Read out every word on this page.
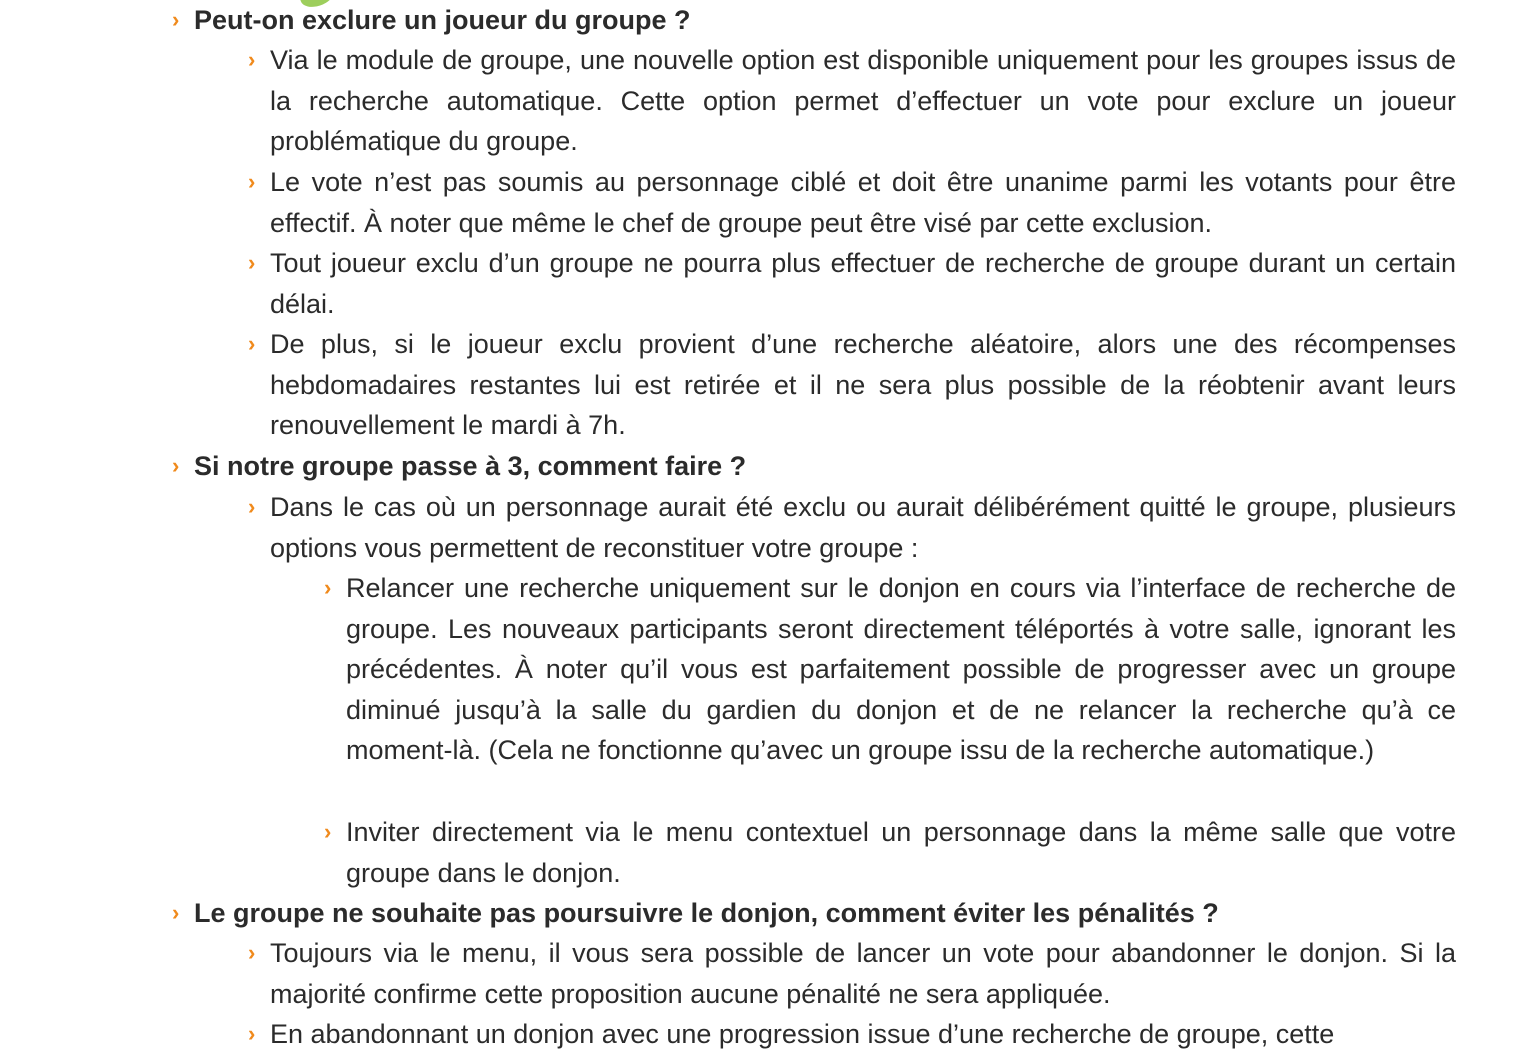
› Peut-on exclure un joueur du groupe ?
› Via le module de groupe, une nouvelle option est disponible uniquement pour les groupes issus de la recherche automatique. Cette option permet d’effectuer un vote pour exclure un joueur problématique du groupe.
› Le vote n’est pas soumis au personnage ciblé et doit être unanime parmi les votants pour être effectif. À noter que même le chef de groupe peut être visé par cette exclusion.
› Tout joueur exclu d’un groupe ne pourra plus effectuer de recherche de groupe durant un certain délai.
› De plus, si le joueur exclu provient d’une recherche aléatoire, alors une des récompenses hebdomadaires restantes lui est retirée et il ne sera plus possible de la réobtenir avant leurs renouvellement le mardi à 7h.
› Si notre groupe passe à 3, comment faire ?
› Dans le cas où un personnage aurait été exclu ou aurait délibérément quitté le groupe, plusieurs options vous permettent de reconstituer votre groupe :
› Relancer une recherche uniquement sur le donjon en cours via l’interface de recherche de groupe. Les nouveaux participants seront directement téléportés à votre salle, ignorant les précédentes. À noter qu’il vous est parfaitement possible de progresser avec un groupe diminué jusqu’à la salle du gardien du donjon et de ne relancer la recherche qu’à ce moment-là. (Cela ne fonctionne qu’avec un groupe issu de la recherche automatique.)
› Inviter directement via le menu contextuel un personnage dans la même salle que votre groupe dans le donjon.
› Le groupe ne souhaite pas poursuivre le donjon, comment éviter les pénalités ?
› Toujours via le menu, il vous sera possible de lancer un vote pour abandonner le donjon. Si la majorité confirme cette proposition aucune pénalité ne sera appliquée.
› En abandonnant un donjon avec une progression issue d’une recherche de groupe, cette
